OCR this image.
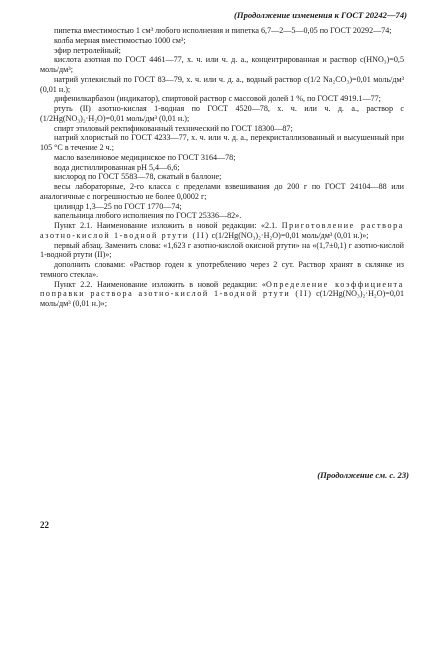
(Продолжение изменения к ГОСТ 20242—74)

пипетка вместимостью 1 см³ любого исполнения и пипетка 6,7—2—5—0,05 по ГОСТ 20292—74;

колба мерная вместимостью 1000 см³;

эфир петролейный;

кислота азотная по ГОСТ 4461—77, х. ч. или ч. д. а., концентрированная и раствор c(HNO₃)=0,5 моль/дм³;

натрий углекислый по ГОСТ 83—79, х. ч. или ч. д. а., водный раствор c(1/2 Na₂CO₃)=0,01 моль/дм³ (0,01 н.);

дифенилкарбазон (индикатор), спиртовой раствор с массовой долей 1 %, по ГОСТ 4919.1—77;

ртуть (II) азотно-кислая 1-водная по ГОСТ 4520—78, х. ч. или ч. д. а., раствор c (1/2Hg(NO₃)₂·H₂O)=0,01 моль/дм³ (0,01 н.);

спирт этиловый ректификованный технический по ГОСТ 18300—87;

натрий хлористый по ГОСТ 4233—77, х. ч. или ч. д. а., перекристаллизованный и высушенный при 105 °С в течение 2 ч.;

масло вазелиновое медицинское по ГОСТ 3164—78;

вода дистиллированная pH 5,4—6,6;

кислород по ГОСТ 5583—78, сжатый в баллоне;

весы лабораторные, 2-го класса с пределами взвешивания до 200 г по ГОСТ 24104—88 или аналогичные с погрешностью не более 0,0002 г;

цилиндр 1,3—25 по ГОСТ 1770—74;

капельница любого исполнения по ГОСТ 25336—82».

Пункт 2.1. Наименование изложить в новой редакции: «2.1. Приготовление раствора азотно-кислой 1-водной ртути (II) c(1/2Hg(NO₃)₂·H₂O)=0,01 моль/дм³ (0,01 н.)»;

первый абзац. Заменить слова: «1,623 г азотно-кислой окисной ртути» на «(1,7±0,1) г азотно-кислой 1-водной ртути (II)»;

дополнить словами: «Раствор годен к употреблению через 2 сут. Раствор хранят в склянке из темного стекла».

Пункт 2.2. Наименование изложить в новой редакции: «Определение коэффициента поправки раствора азотно-кислой 1-водной ртути (II) c(1/2Hg(NO₃)₂·H₂O)=0,01 моль/дм³ (0,01 н.)»;

(Продолжение см. с. 23)
22
